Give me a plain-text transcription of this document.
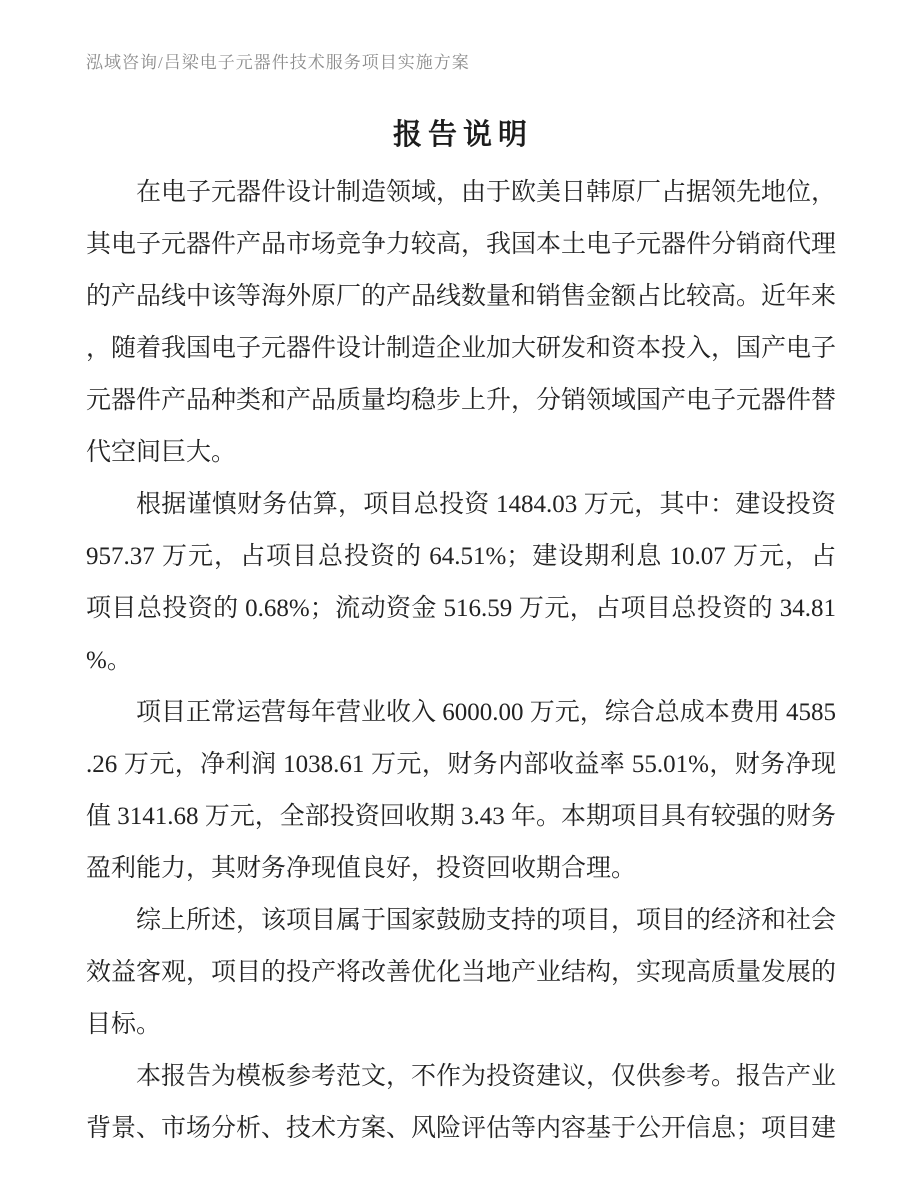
泓域咨询/吕梁电子元器件技术服务项目实施方案
报告说明

在电子元器件设计制造领域，由于欧美日韩原厂占据领先地位，其电子元器件产品市场竞争力较高，我国本土电子元器件分销商代理的产品线中该等海外原厂的产品线数量和销售金额占比较高。近年来，随着我国电子元器件设计制造企业加大研发和资本投入，国产电子元器件产品种类和产品质量均稳步上升，分销领域国产电子元器件替代空间巨大。

根据谨慎财务估算，项目总投资 1484.03 万元，其中：建设投资 957.37 万元，占项目总投资的 64.51%；建设期利息 10.07 万元，占项目总投资的 0.68%；流动资金 516.59 万元，占项目总投资的 34.81%。

项目正常运营每年营业收入 6000.00 万元，综合总成本费用 4585.26 万元，净利润 1038.61 万元，财务内部收益率 55.01%，财务净现值 3141.68 万元，全部投资回收期 3.43 年。本期项目具有较强的财务盈利能力，其财务净现值良好，投资回收期合理。

综上所述，该项目属于国家鼓励支持的项目，项目的经济和社会效益客观，项目的投产将改善优化当地产业结构，实现高质量发展的目标。

本报告为模板参考范文，不作为投资建议，仅供参考。报告产业背景、市场分析、技术方案、风险评估等内容基于公开信息；项目建
